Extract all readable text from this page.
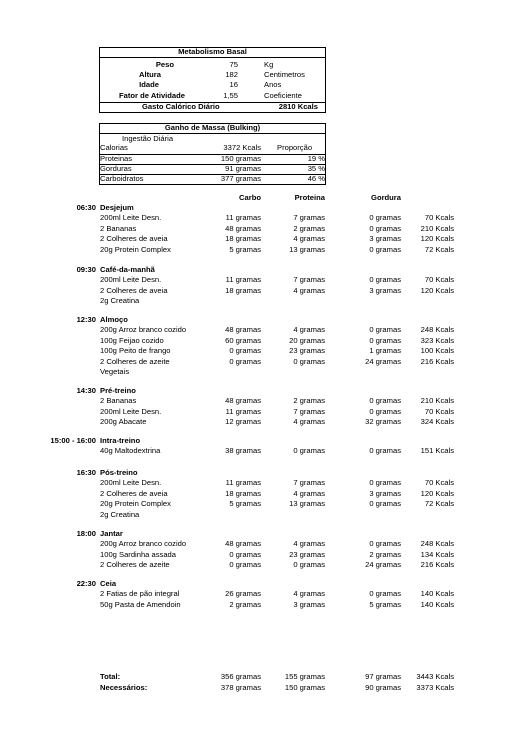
Metabolismo Basal
Peso	75	Kg
Altura	182	Centimetros
Idade	16	Anos
Fator de Atividade	1,55	Coeficiente
Gasto Calórico Diário	2810 Kcals
Ganho de Massa (Bulking)
Ingestão Diária
Proporção
Calorias	3372 Kcals
Proteinas	150 gramas	19 %
Gorduras	91 gramas	35 %
Carboidratos	377 gramas	46 %
Carbo	Proteina	Gordura
06:30 Desjejum
200ml Leite Desn.	11 gramas	7 gramas	0 gramas	70 Kcals
2 Bananas	48 gramas	2 gramas	0 gramas	210 Kcals
2 Colheres de aveia	18 gramas	4 gramas	3 gramas	120 Kcals
20g Protein Complex	5 gramas	13 gramas	0 gramas	72 Kcals
09:30 Café-da-manhã
200ml Leite Desn.	11 gramas	7 gramas	0 gramas	70 Kcals
2 Colheres de aveia	18 gramas	4 gramas	3 gramas	120 Kcals
2g Creatina
12:30 Almoço
200g Arroz branco cozido	48 gramas	4 gramas	0 gramas	248 Kcals
100g Feijao cozido	60 gramas	20 gramas	0 gramas	323 Kcals
100g Peito de frango	0 gramas	23 gramas	1 gramas	100 Kcals
2 Colheres de azeite	0 gramas	0 gramas	24 gramas	216 Kcals
Vegetais
14:30 Pré-treino
2 Bananas	48 gramas	2 gramas	0 gramas	210 Kcals
200ml Leite Desn.	11 gramas	7 gramas	0 gramas	70 Kcals
200g Abacate	12 gramas	4 gramas	32 gramas	324 Kcals
15:00 - 16:00 Intra-treino
40g Maltodextrina	38 gramas	0 gramas	0 gramas	151 Kcals
16:30 Pós-treino
200ml Leite Desn.	11 gramas	7 gramas	0 gramas	70 Kcals
2 Colheres de aveia	18 gramas	4 gramas	3 gramas	120 Kcals
20g Protein Complex	5 gramas	13 gramas	0 gramas	72 Kcals
2g Creatina
18:00 Jantar
200g Arroz branco cozido	48 gramas	4 gramas	0 gramas	248 Kcals
100g Sardinha assada	0 gramas	23 gramas	2 gramas	134 Kcals
2 Colheres de azeite	0 gramas	0 gramas	24 gramas	216 Kcals
22:30 Ceia
2 Fatias de pão integral	26 gramas	4 gramas	0 gramas	140 Kcals
50g Pasta de Amendoin	2 gramas	3 gramas	5 gramas	140 Kcals
Total:	356 gramas	155 gramas	97 gramas	3443 Kcals
Necessários:	378 gramas	150 gramas	90 gramas	3373 Kcals
